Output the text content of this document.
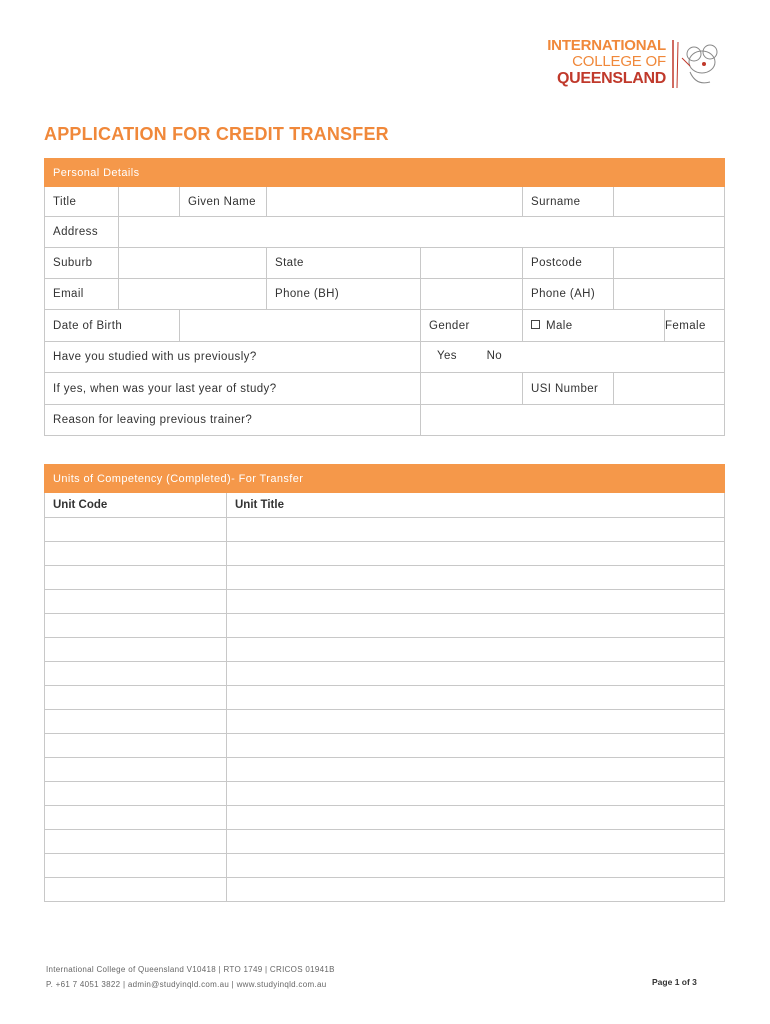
INTERNATIONAL
COLLEGE OF
QUEENSLAND
APPLICATION FOR CREDIT TRANSFER
Personal Details							
Title		Given Name			Surname		
Address							
Suburb			State		Postcode		
Email			Phone (BH)		Phone (AH)		
Date of Birth				Gender	Male		Female
Have you studied with us previously?				Yes No			
If yes, when was your last year of study?					USI Number		
Reason for leaving previous trainer?							
Units of Competency (Completed)- For Transfer	
Unit Code	Unit Title

International College of Queensland V10418 | RTO 1749 | CRICOS 01941B
P. +61 7 4051 3822 | admin@studyinqld.com.au | www.studyinqld.com.au	Page 1 of 3
